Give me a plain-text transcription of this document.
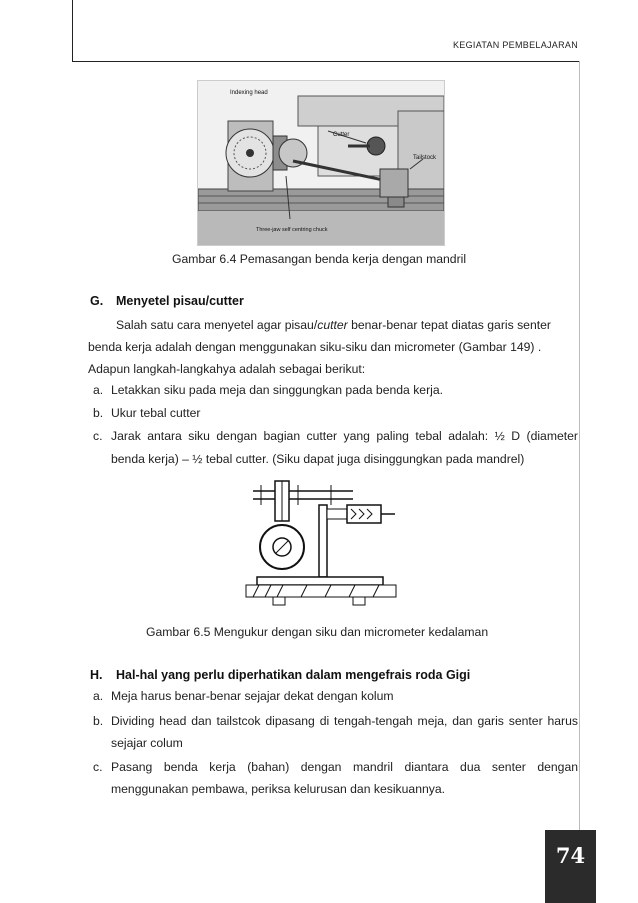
KEGIATAN PEMBELAJARAN
Indexing head
Cutter
Tailstock
Three-jaw self centring chuck
Gambar 6.4 Pemasangan benda kerja dengan mandril
G. Menyetel pisau/cutter
Salah satu cara menyetel agar pisau/cutter benar-benar tepat diatas garis senter
benda kerja adalah dengan menggunakan siku-siku dan micrometer (Gambar 149) .
Adapun langkah-langkahya adalah sebagai berikut:
a. Letakkan siku pada meja dan singgungkan pada benda kerja.
b. Ukur tebal cutter
c. Jarak antara siku dengan bagian cutter yang paling tebal adalah: ½ D (diameter benda kerja) – ½ tebal cutter. (Siku dapat juga disinggungkan pada mandrel)
Gambar 6.5 Mengukur dengan siku dan micrometer kedalaman
H. Hal-hal yang perlu diperhatikan dalam mengefrais roda Gigi
a. Meja harus benar-benar sejajar dekat dengan kolum
b. Dividing head dan tailstcok dipasang di tengah-tengah meja, dan garis senter harus sejajar colum
c. Pasang benda kerja (bahan) dengan mandril diantara dua senter dengan menggunakan pembawa, periksa kelurusan dan kesikuannya.
74
